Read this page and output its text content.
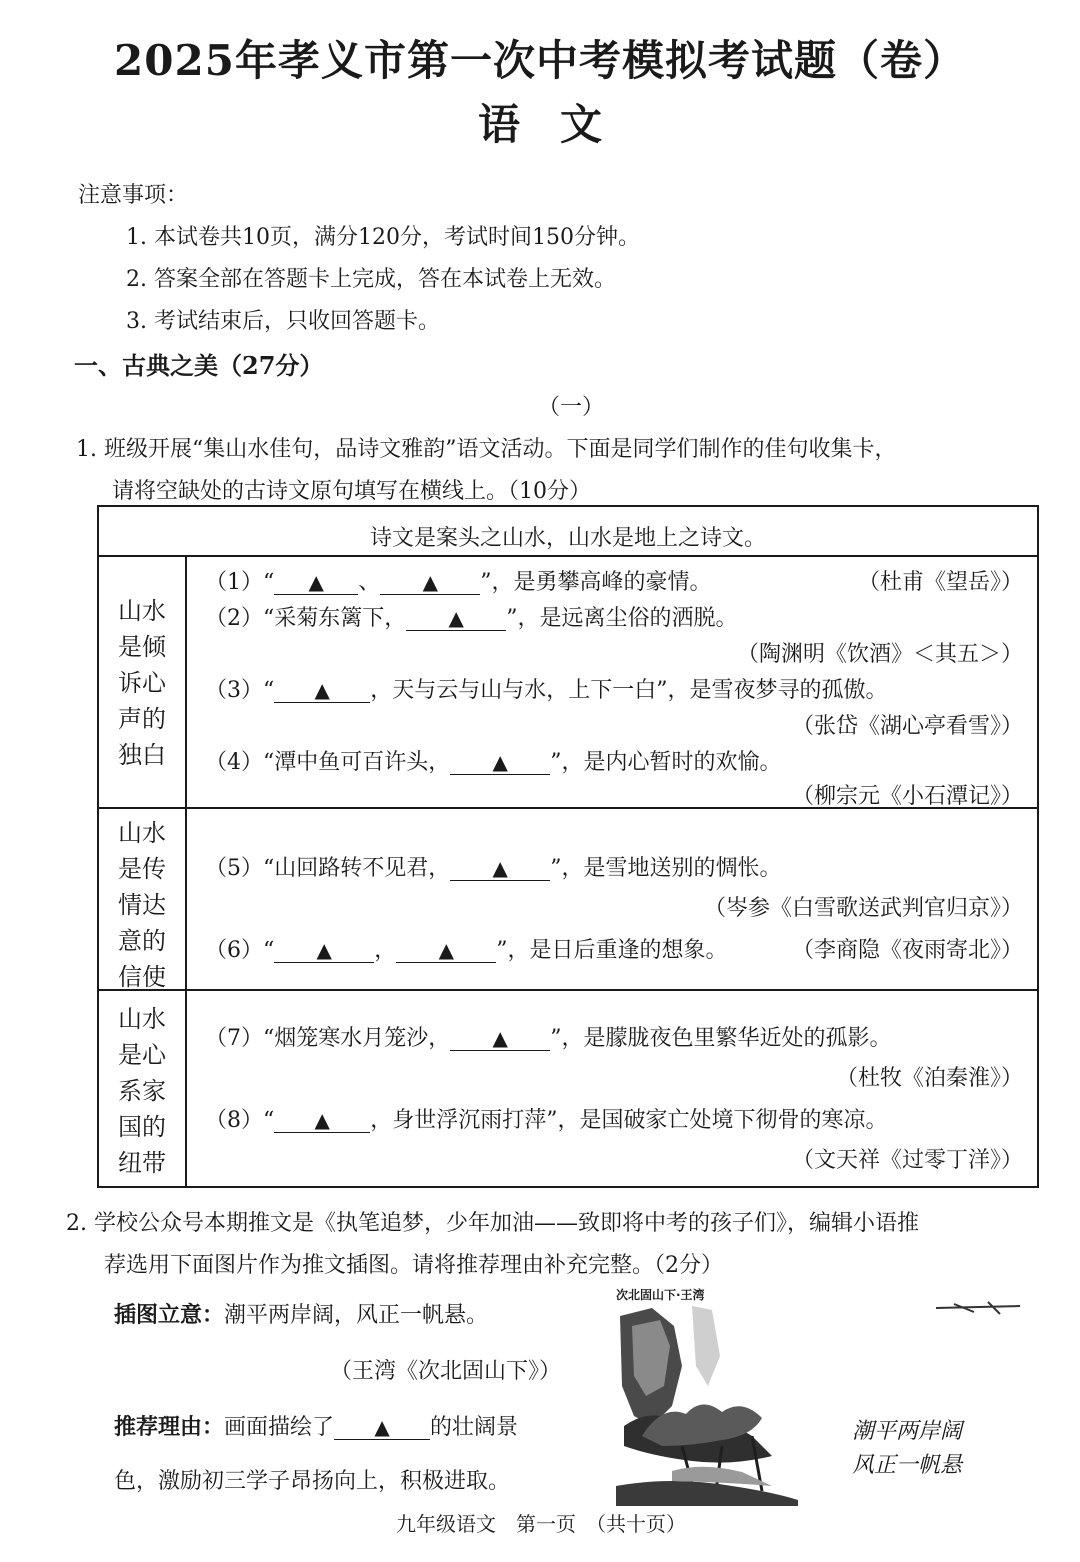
2025年孝义市第一次中考模拟考试题（卷）
语文
注意事项：
1. 本试卷共10页，满分120分，考试时间150分钟。
2. 答案全部在答题卡上完成，答在本试卷上无效。
3. 考试结束后，只收回答题卡。
一、古典之美（27分）
（一）
1. 班级开展“集山水佳句，品诗文雅韵”语文活动。下面是同学们制作的佳句收集卡，
请将空缺处的古诗文原句填写在横线上。（10分）
诗文是案头之山水，山水是地上之诗文。
山水是倾诉心声的独白
山水是传情达意的信使
山水是心系家国的纽带
（1）“ ▲ 、 ▲ ”，是勇攀高峰的豪情。	（杜甫《望岳》）
（2）“采菊东篱下， ▲ ”，是远离尘俗的洒脱。
（陶渊明《饮酒》＜其五＞）
（3）“ ▲ ，天与云与山与水，上下一白”，是雪夜梦寻的孤傲。
（张岱《湖心亭看雪》）
（4）“潭中鱼可百许头， ▲ ”，是内心暂时的欢愉。
（柳宗元《小石潭记》）
（5）“山回路转不见君， ▲ ”，是雪地送别的惆怅。
（岑参《白雪歌送武判官归京》）
（6）“ ▲ ， ▲ ”，是日后重逢的想象。	（李商隐《夜雨寄北》）
（7）“烟笼寒水月笼沙， ▲ ”，是朦胧夜色里繁华近处的孤影。
（杜牧《泊秦淮》）
（8）“ ▲ ，身世浮沉雨打萍”，是国破家亡处境下彻骨的寒凉。
（文天祥《过零丁洋》）
2. 学校公众号本期推文是《执笔追梦，少年加油——致即将中考的孩子们》，编辑小语推
荐选用下面图片作为推文插图。请将推荐理由补充完整。（2分）
插图立意：潮平两岸阔，风正一帆悬。
（王湾《次北固山下》）
推荐理由：画面描绘了 ▲ 的壮阔景
色，激励初三学子昂扬向上，积极进取。
次北固山下·王湾
潮平两岸阔
风正一帆悬
九年级语文　第一页　（共十页）
